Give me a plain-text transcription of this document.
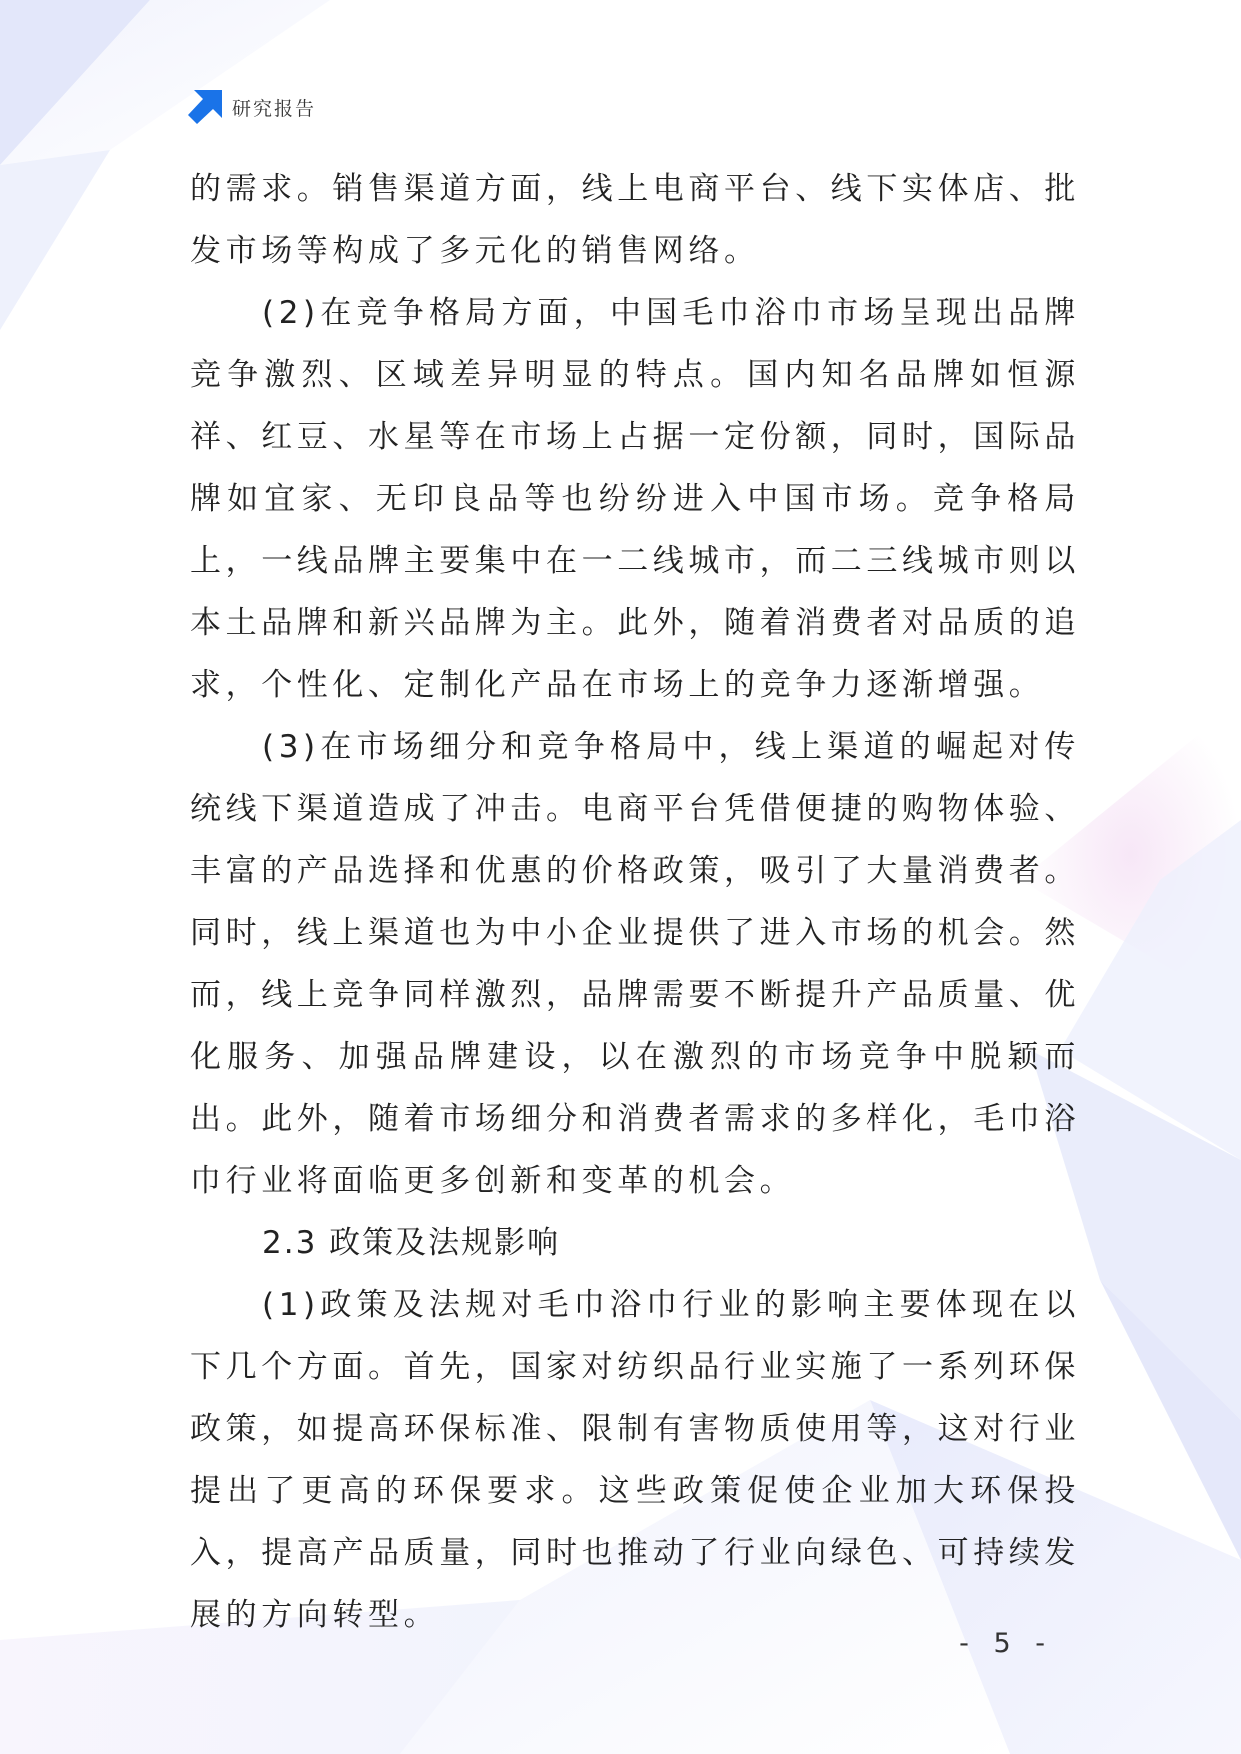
研究报告

的需求。销售渠道方面，线上电商平台、线下实体店、批发市场等构成了多元化的销售网络。

(2)在竞争格局方面，中国毛巾浴巾市场呈现出品牌竞争激烈、区域差异明显的特点。国内知名品牌如恒源祥、红豆、水星等在市场上占据一定份额，同时，国际品牌如宜家、无印良品等也纷纷进入中国市场。竞争格局上，一线品牌主要集中在一二线城市，而二三线城市则以本土品牌和新兴品牌为主。此外，随着消费者对品质的追求，个性化、定制化产品在市场上的竞争力逐渐增强。

(3)在市场细分和竞争格局中，线上渠道的崛起对传统线下渠道造成了冲击。电商平台凭借便捷的购物体验、丰富的产品选择和优惠的价格政策，吸引了大量消费者。同时，线上渠道也为中小企业提供了进入市场的机会。然而，线上竞争同样激烈，品牌需要不断提升产品质量、优化服务、加强品牌建设，以在激烈的市场竞争中脱颖而出。此外，随着市场细分和消费者需求的多样化，毛巾浴巾行业将面临更多创新和变革的机会。

2.3 政策及法规影响

(1)政策及法规对毛巾浴巾行业的影响主要体现在以下几个方面。首先，国家对纺织品行业实施了一系列环保政策，如提高环保标准、限制有害物质使用等，这对行业提出了更高的环保要求。这些政策促使企业加大环保投入，提高产品质量，同时也推动了行业向绿色、可持续发展的方向转型。

- 5 -
